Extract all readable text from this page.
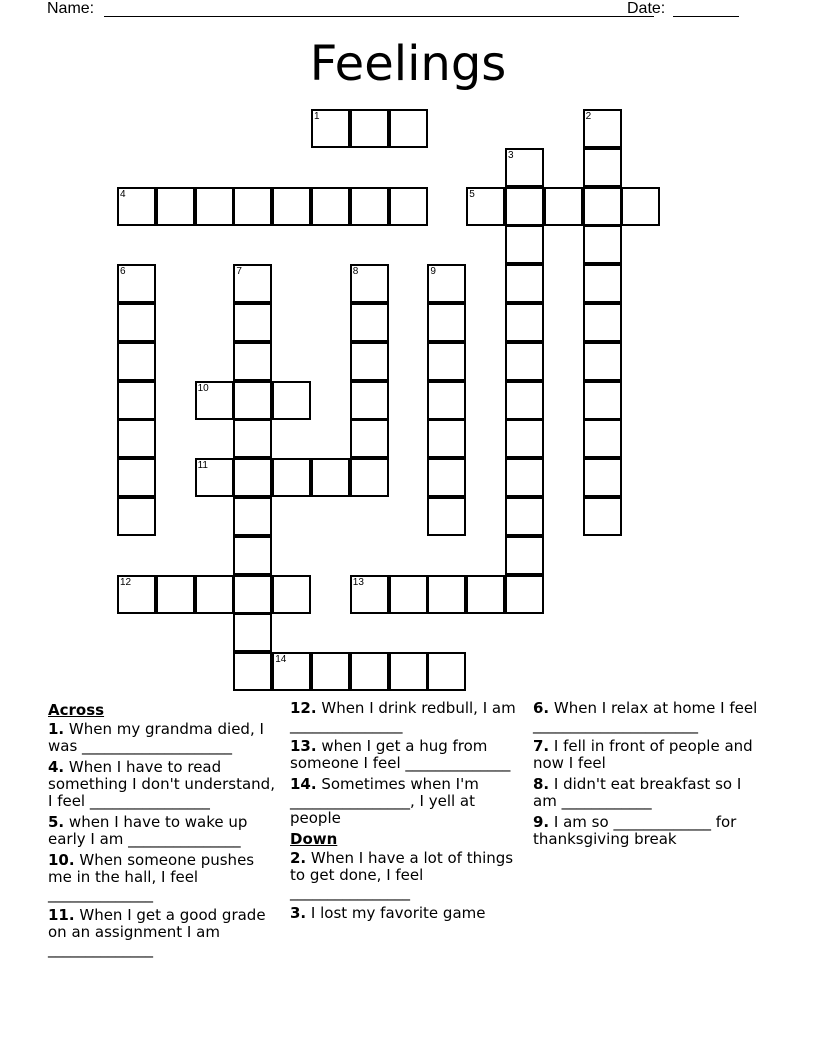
Name:	Date:
Feelings
1	2
3
4	5
6	7	8	9
10
11
12	13
14
Across
1. When my grandma died, I was ____________________
4. When I have to read something I don't understand, I feel ________________
5. when I have to wake up early I am _______________
10. When someone pushes me in the hall, I feel ______________
11. When I get a good grade on an assignment I am ______________
12. When I drink redbull, I am _______________
13. when I get a hug from someone I feel ______________
14. Sometimes when I'm ________________, I yell at people
Down
2. When I have a lot of things to get done, I feel ________________
3. I lost my favorite game
6. When I relax at home I feel ______________________
7. I fell in front of people and now I feel
8. I didn't eat breakfast so I am ____________
9. I am so _____________ for thanksgiving break
